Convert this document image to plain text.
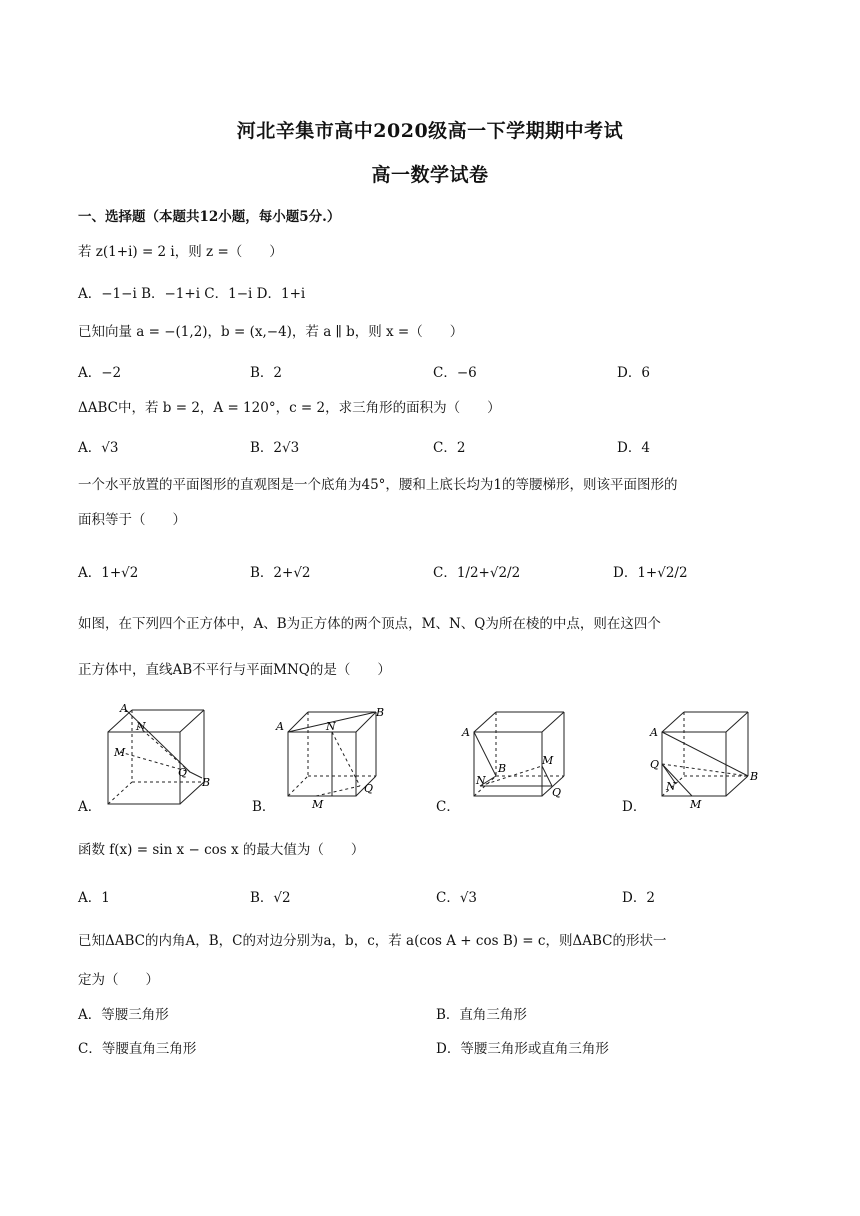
河北辛集市高中2020级高一下学期期中考试
高一数学试卷
一、选择题（本题共12小题，每小题5分.）
若 z(1+i) = 2 i，则 z =（　　）
A．−1−i B．−1+i C．1−i D．1+i
已知向量 a = −(1,2)，b = (x,−4)，若 a ∥ b，则 x =（　　）
A．−2	B．2	C．−6	D．6
ΔABC中，若 b = 2，A = 120°，c = 2，求三角形的面积为（　　）
A．√3	B．2√3	C．2	D．4
一个水平放置的平面图形的直观图是一个底角为45°，腰和上底长均为1的等腰梯形，则该平面图形的
面积等于（　　）
A．1+√2	B．2+√2	C．1/2+√2/2	D．1+√2/2
如图，在下列四个正方体中，A、B为正方体的两个顶点，M、N、Q为所在棱的中点，则在这四个
正方体中，直线AB不平行与平面MNQ的是（　　）
A．
A
N
M
Q
B
B．
A
B
N
Q
M	C．
A
B
M
N
Q
D．
A
Q
N
M
B
函数 f(x) = sin x − cos x 的最大值为（　　）
A．1	B．√2	C．√3	D．2
已知ΔABC的内角A，B，C的对边分别为a，b，c，若 a(cos A + cos B) = c，则ΔABC的形状一
定为（　　）
A．等腰三角形	B．直角三角形
C．等腰直角三角形	D．等腰三角形或直角三角形
